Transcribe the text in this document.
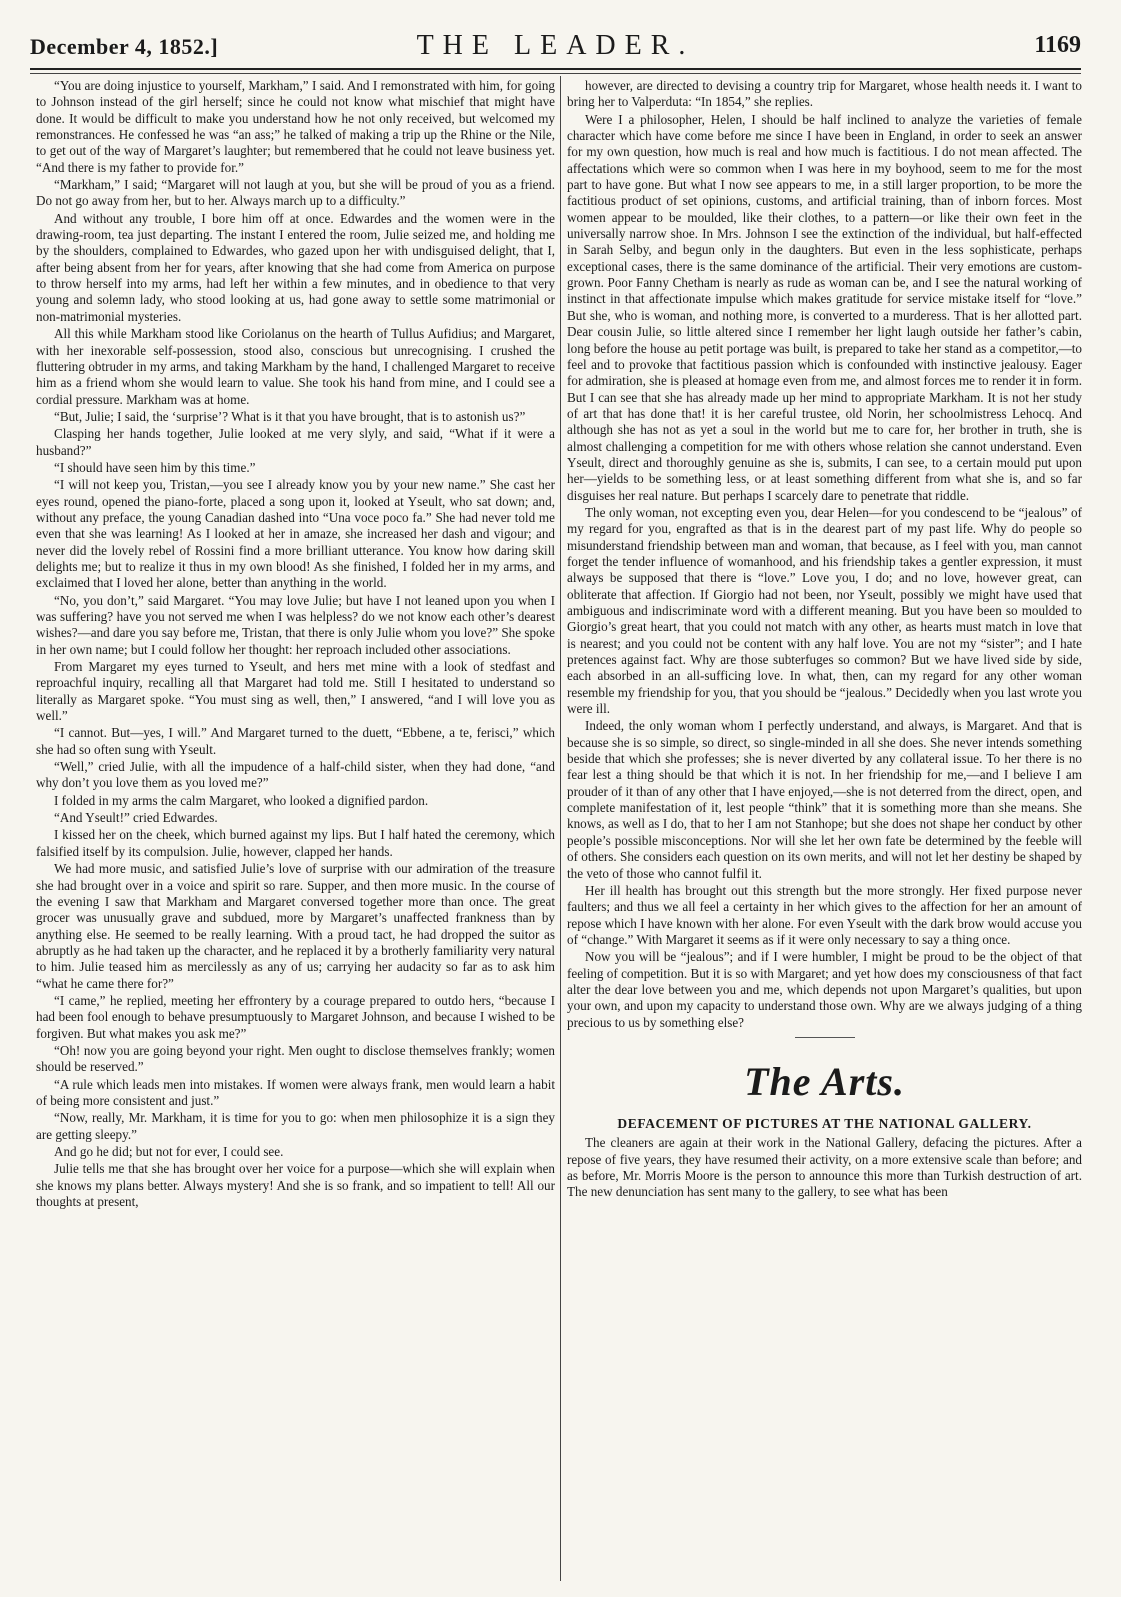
December 4, 1852.]	THE LEADER.	1169

“You are doing injustice to yourself, Markham,” I said. And I remonstrated with him, for going to Johnson instead of the girl herself; since he could not know what mischief that might have done. It would be difficult to make you understand how he not only received, but welcomed my remonstrances. He confessed he was “an ass;” he talked of making a trip up the Rhine or the Nile, to get out of the way of Margaret’s laughter; but remembered that he could not leave business yet. “And there is my father to provide for.”

“Markham,” I said; “Margaret will not laugh at you, but she will be proud of you as a friend. Do not go away from her, but to her. Always march up to a difficulty.”

And without any trouble, I bore him off at once. Edwardes and the women were in the drawing-room, tea just departing. The instant I entered the room, Julie seized me, and holding me by the shoulders, complained to Edwardes, who gazed upon her with undisguised delight, that I, after being absent from her for years, after knowing that she had come from America on purpose to throw herself into my arms, had left her within a few minutes, and in obedience to that very young and solemn lady, who stood looking at us, had gone away to settle some matrimonial or non-matrimonial mysteries.

All this while Markham stood like Coriolanus on the hearth of Tullus Aufidius; and Margaret, with her inexorable self-possession, stood also, conscious but unrecognising. I crushed the fluttering obtruder in my arms, and taking Markham by the hand, I challenged Margaret to receive him as a friend whom she would learn to value. She took his hand from mine, and I could see a cordial pressure. Markham was at home.

“But, Julie; I said, the ‘surprise’? What is it that you have brought, that is to astonish us?”

Clasping her hands together, Julie looked at me very slyly, and said, “What if it were a husband?”

“I should have seen him by this time.”

“I will not keep you, Tristan,—you see I already know you by your new name.” She cast her eyes round, opened the piano-forte, placed a song upon it, looked at Yseult, who sat down; and, without any preface, the young Canadian dashed into “Una voce poco fa.” She had never told me even that she was learning! As I looked at her in amaze, she increased her dash and vigour; and never did the lovely rebel of Rossini find a more brilliant utterance. You know how daring skill delights me; but to realize it thus in my own blood! As she finished, I folded her in my arms, and exclaimed that I loved her alone, better than anything in the world.

“No, you don’t,” said Margaret. “You may love Julie; but have I not leaned upon you when I was suffering? have you not served me when I was helpless? do we not know each other’s dearest wishes?—and dare you say before me, Tristan, that there is only Julie whom you love?” She spoke in her own name; but I could follow her thought: her reproach included other associations.

From Margaret my eyes turned to Yseult, and hers met mine with a look of stedfast and reproachful inquiry, recalling all that Margaret had told me. Still I hesitated to understand so literally as Margaret spoke. “You must sing as well, then,” I answered, “and I will love you as well.”

“I cannot. But—yes, I will.” And Margaret turned to the duett, “Ebbene, a te, ferisci,” which she had so often sung with Yseult.

“Well,” cried Julie, with all the impudence of a half-child sister, when they had done, “and why don’t you love them as you loved me?”

I folded in my arms the calm Margaret, who looked a dignified pardon.

“And Yseult!” cried Edwardes.

I kissed her on the cheek, which burned against my lips. But I half hated the ceremony, which falsified itself by its compulsion. Julie, however, clapped her hands.

We had more music, and satisfied Julie’s love of surprise with our admiration of the treasure she had brought over in a voice and spirit so rare. Supper, and then more music. In the course of the evening I saw that Markham and Margaret conversed together more than once. The great grocer was unusually grave and subdued, more by Margaret’s unaffected frankness than by anything else. He seemed to be really learning. With a proud tact, he had dropped the suitor as abruptly as he had taken up the character, and he replaced it by a brotherly familiarity very natural to him. Julie teased him as mercilessly as any of us; carrying her audacity so far as to ask him “what he came there for?”

“I came,” he replied, meeting her effrontery by a courage prepared to outdo hers, “because I had been fool enough to behave presumptuously to Margaret Johnson, and because I wished to be forgiven. But what makes you ask me?”

“Oh! now you are going beyond your right. Men ought to disclose themselves frankly; women should be reserved.”

“A rule which leads men into mistakes. If women were always frank, men would learn a habit of being more consistent and just.”

“Now, really, Mr. Markham, it is time for you to go: when men philosophize it is a sign they are getting sleepy.”

And go he did; but not for ever, I could see.

Julie tells me that she has brought over her voice for a purpose—which she will explain when she knows my plans better. Always mystery! And she is so frank, and so impatient to tell! All our thoughts at present,

however, are directed to devising a country trip for Margaret, whose health needs it. I want to bring her to Valperduta: “In 1854,” she replies.

Were I a philosopher, Helen, I should be half inclined to analyze the varieties of female character which have come before me since I have been in England, in order to seek an answer for my own question, how much is real and how much is factitious. I do not mean affected. The affectations which were so common when I was here in my boyhood, seem to me for the most part to have gone. But what I now see appears to me, in a still larger proportion, to be more the factitious product of set opinions, customs, and artificial training, than of inborn forces. Most women appear to be moulded, like their clothes, to a pattern—or like their own feet in the universally narrow shoe. In Mrs. Johnson I see the extinction of the individual, but half-effected in Sarah Selby, and begun only in the daughters. But even in the less sophisticate, perhaps exceptional cases, there is the same dominance of the artificial. Their very emotions are custom-grown. Poor Fanny Chetham is nearly as rude as woman can be, and I see the natural working of instinct in that affectionate impulse which makes gratitude for service mistake itself for “love.” But she, who is woman, and nothing more, is converted to a murderess. That is her allotted part. Dear cousin Julie, so little altered since I remember her light laugh outside her father’s cabin, long before the house au petit portage was built, is prepared to take her stand as a competitor,—to feel and to provoke that factitious passion which is confounded with instinctive jealousy. Eager for admiration, she is pleased at homage even from me, and almost forces me to render it in form. But I can see that she has already made up her mind to appropriate Markham. It is not her study of art that has done that! it is her careful trustee, old Norin, her schoolmistress Lehocq. And although she has not as yet a soul in the world but me to care for, her brother in truth, she is almost challenging a competition for me with others whose relation she cannot understand. Even Yseult, direct and thoroughly genuine as she is, submits, I can see, to a certain mould put upon her—yields to be something less, or at least something different from what she is, and so far disguises her real nature. But perhaps I scarcely dare to penetrate that riddle.

The only woman, not excepting even you, dear Helen—for you condescend to be “jealous” of my regard for you, engrafted as that is in the dearest part of my past life. Why do people so misunderstand friendship between man and woman, that because, as I feel with you, man cannot forget the tender influence of womanhood, and his friendship takes a gentler expression, it must always be supposed that there is “love.” Love you, I do; and no love, however great, can obliterate that affection. If Giorgio had not been, nor Yseult, possibly we might have used that ambiguous and indiscriminate word with a different meaning. But you have been so moulded to Giorgio’s great heart, that you could not match with any other, as hearts must match in love that is nearest; and you could not be content with any half love. You are not my “sister”; and I hate pretences against fact. Why are those subterfuges so common? But we have lived side by side, each absorbed in an all-sufficing love. In what, then, can my regard for any other woman resemble my friendship for you, that you should be “jealous.” Decidedly when you last wrote you were ill.

Indeed, the only woman whom I perfectly understand, and always, is Margaret. And that is because she is so simple, so direct, so single-minded in all she does. She never intends something beside that which she professes; she is never diverted by any collateral issue. To her there is no fear lest a thing should be that which it is not. In her friendship for me,—and I believe I am prouder of it than of any other that I have enjoyed,—she is not deterred from the direct, open, and complete manifestation of it, lest people “think” that it is something more than she means. She knows, as well as I do, that to her I am not Stanhope; but she does not shape her conduct by other people’s possible misconceptions. Nor will she let her own fate be determined by the feeble will of others. She considers each question on its own merits, and will not let her destiny be shaped by the veto of those who cannot fulfil it.

Her ill health has brought out this strength but the more strongly. Her fixed purpose never faulters; and thus we all feel a certainty in her which gives to the affection for her an amount of repose which I have known with her alone. For even Yseult with the dark brow would accuse you of “change.” With Margaret it seems as if it were only necessary to say a thing once.

Now you will be “jealous”; and if I were humbler, I might be proud to be the object of that feeling of competition. But it is so with Margaret; and yet how does my consciousness of that fact alter the dear love between you and me, which depends not upon Margaret’s qualities, but upon your own, and upon my capacity to understand those own. Why are we always judging of a thing precious to us by something else?

The Arts.
DEFACEMENT OF PICTURES AT THE NATIONAL GALLERY.

The cleaners are again at their work in the National Gallery, defacing the pictures. After a repose of five years, they have resumed their activity, on a more extensive scale than before; and as before, Mr. Morris Moore is the person to announce this more than Turkish destruction of art. The new denunciation has sent many to the gallery, to see what has been
